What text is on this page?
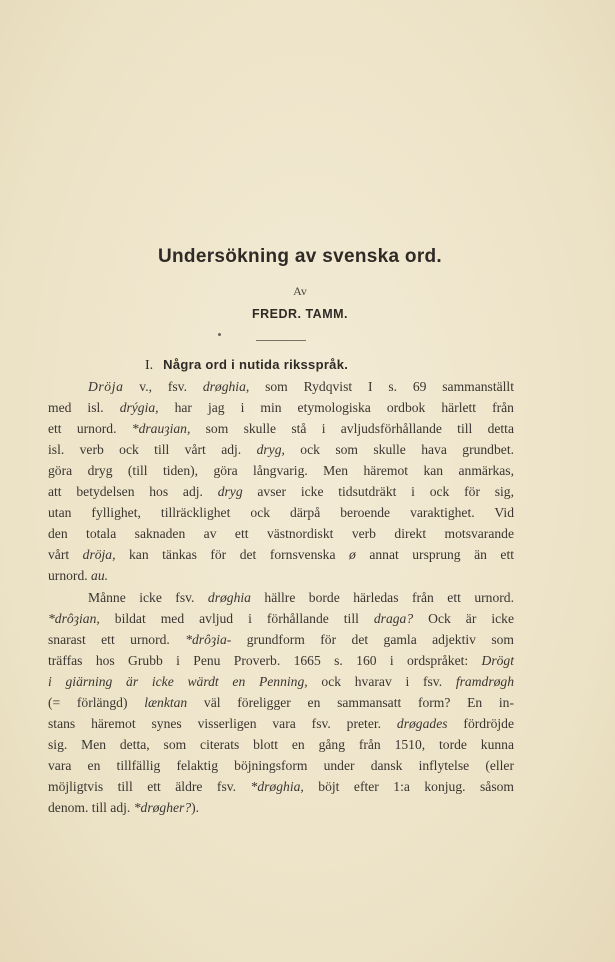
Undersökning av svenska ord.
Av
FREDR. TAMM.
I. Några ord i nutida riksspråk.
Dröja v., fsv. drøghia, som Rydqvist I s. 69 sammanställt
med isl. drýgia, har jag i min etymologiska ordbok härlett från
ett urnord. *drauȝian, som skulle stå i avljudsförhållande till detta
isl. verb ock till vårt adj. dryg, ock som skulle hava grundbet.
göra dryg (till tiden), göra långvarig. Men häremot kan anmärkas,
att betydelsen hos adj. dryg avser icke tidsutdräkt i ock för sig,
utan fyllighet, tillräcklighet ock därpå beroende varaktighet. Vid
den totala saknaden av ett västnordiskt verb direkt motsvarande
vårt dröja, kan tänkas för det fornsvenska ø annat ursprung än ett
urnord. au.
Månne icke fsv. drøghia hällre borde härledas från ett urnord.
*drôȝian, bildat med avljud i förhållande till draga? Ock är icke
snarast ett urnord. *drôȝia- grundform för det gamla adjektiv som
träffas hos Grubb i Penu Proverb. 1665 s. 160 i ordspråket: Drögt
i giärning är icke wärdt en Penning, ock hvarav i fsv. framdrøgh
(= förlängd) lænktan väl föreligger en sammansatt form? En in-
stans häremot synes visserligen vara fsv. preter. drøgades fördröjde
sig. Men detta, som citerats blott en gång från 1510, torde kunna
vara en tillfällig felaktig böjningsform under dansk inflytelse (eller
möjligtvis till ett äldre fsv. *drøghia, böjt efter 1:a konjug. såsom
denom. till adj. *drøgher?).
